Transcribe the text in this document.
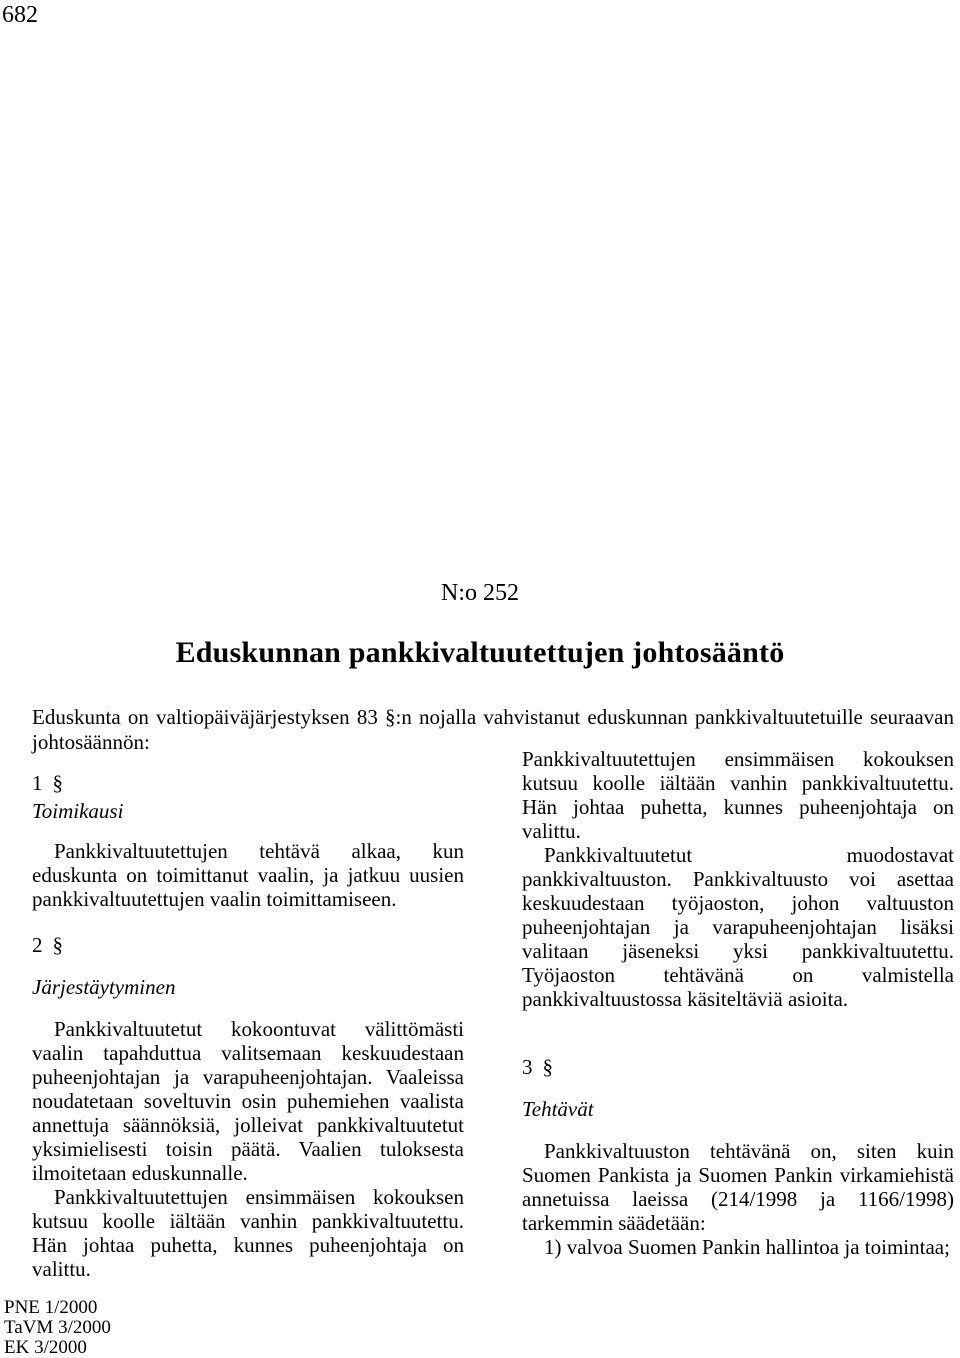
682
N:o 252
Eduskunnan pankkivaltuutettujen johtosääntö
Eduskunta on valtiopäiväjärjestyksen 83 §:n nojalla vahvistanut eduskunnan pankkivaltuutetuille seuraavan johtosäännön:

1 §

Toimikausi

Pankkivaltuutettujen tehtävä alkaa, kun eduskunta on toimittanut vaalin, ja jatkuu uusien pankkivaltuutettujen vaalin toimittamiseen.

2 §

Järjestäytyminen

Pankkivaltuutetut kokoontuvat välittömästi vaalin tapahduttua valitsemaan keskuudestaan puheenjohtajan ja varapuheenjohtajan. Vaaleissa noudatetaan soveltuvin osin puhemiehen vaalista annettuja säännöksiä, jolleivat pankkivaltuutetut yksimielisesti toisin päätä. Vaalien tuloksesta ilmoitetaan eduskunnalle.

Pankkivaltuutettujen ensimmäisen kokouksen kutsuu koolle iältään vanhin pankkivaltuutettu. Hän johtaa puhetta, kunnes puheenjohtaja on valittu.

Pankkivaltuutettujen ensimmäisen kokouksen kutsuu koolle iältään vanhin pankkivaltuutettu. Hän johtaa puhetta, kunnes puheenjohtaja on valittu.

Pankkivaltuutetut muodostavat pankkivaltuuston. Pankkivaltuusto voi asettaa keskuudestaan työjaoston, johon valtuuston puheenjohtajan ja varapuheenjohtajan lisäksi valitaan jäseneksi yksi pankkivaltuutettu. Työjaoston tehtävänä on valmistella pankkivaltuustossa käsiteltäviä asioita.

3 §

Tehtävät

Pankkivaltuuston tehtävänä on, siten kuin Suomen Pankista ja Suomen Pankin virkamiehistä annetuissa laeissa (214/1998 ja 1166/1998) tarkemmin säädetään:

1) valvoa Suomen Pankin hallintoa ja toimintaa;

PNE 1/2000
TaVM 3/2000
EK 3/2000
